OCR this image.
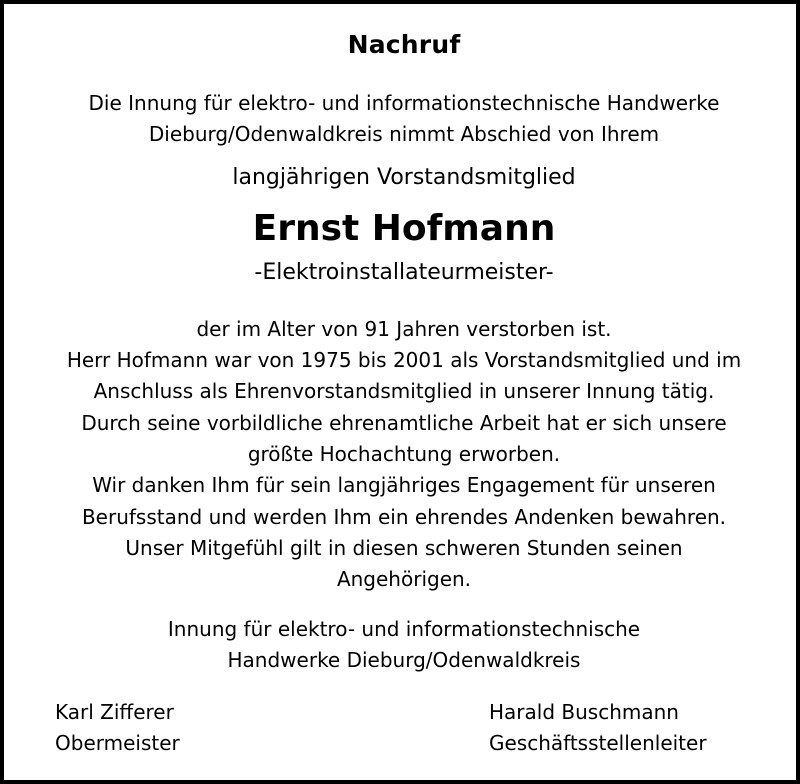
Nachruf
Die Innung für elektro- und informationstechnische Handwerke
Dieburg/Odenwaldkreis nimmt Abschied von Ihrem
langjährigen Vorstandsmitglied
Ernst Hofmann
-Elektroinstallateurmeister-
der im Alter von 91 Jahren verstorben ist.
Herr Hofmann war von 1975 bis 2001 als Vorstandsmitglied und im
Anschluss als Ehrenvorstandsmitglied in unserer Innung tätig.
Durch seine vorbildliche ehrenamtliche Arbeit hat er sich unsere
größte Hochachtung erworben.
Wir danken Ihm für sein langjähriges Engagement für unseren
Berufsstand und werden Ihm ein ehrendes Andenken bewahren.
Unser Mitgefühl gilt in diesen schweren Stunden seinen
Angehörigen.
Innung für elektro- und informationstechnische
Handwerke Dieburg/Odenwaldkreis
Karl Zifferer
Obermeister
Harald Buschmann
Geschäftsstellenleiter
